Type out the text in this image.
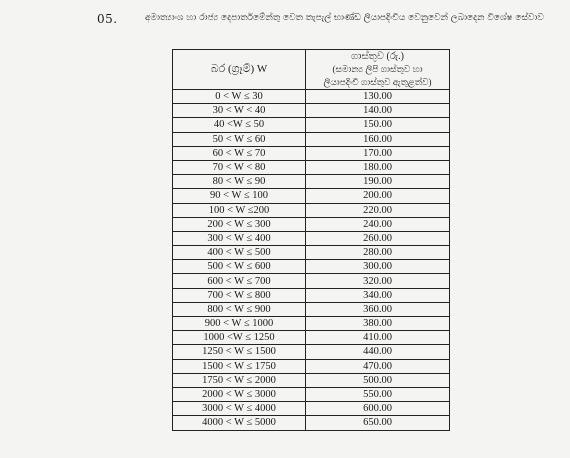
05.	අමාත්‍යාංශ හා රාජ්‍ය දෙපාර්තමේන්තු වෙත තැපැල් භාණ්ඩ ලියාපදිංචිය වෙනුවෙන් ලබාදෙන විශේෂ සේවාව
බර (ග්‍රෑම්) W	ගාස්තුව (රු.)
(සමාන්‍ය ලිපි ගාස්තුව හා
ලියාපදිංචි ගාස්තුව ඇතුළත්ව)

0 < W ≤ 30	130.00
30 < W < 40	140.00
40 <W ≤ 50	150.00
50 < W ≤ 60	160.00
60 < W ≤ 70	170.00
70 < W < 80	180.00
80 < W ≤ 90	190.00
90 < W ≤ 100	200.00
100 < W ≤200	220.00
200 < W ≤ 300	240.00
300 < W ≤ 400	260.00
400 < W ≤ 500	280.00
500 < W ≤ 600	300.00
600 < W ≤ 700	320.00
700 < W ≤ 800	340.00
800 < W ≤ 900	360.00
900 < W ≤ 1000	380.00
1000 <W ≤ 1250	410.00
1250 < W ≤ 1500	440.00
1500 < W ≤ 1750	470.00
1750 < W ≤ 2000	500.00
2000 < W ≤ 3000	550.00
3000 < W ≤ 4000	600.00
4000 < W ≤ 5000	650.00
